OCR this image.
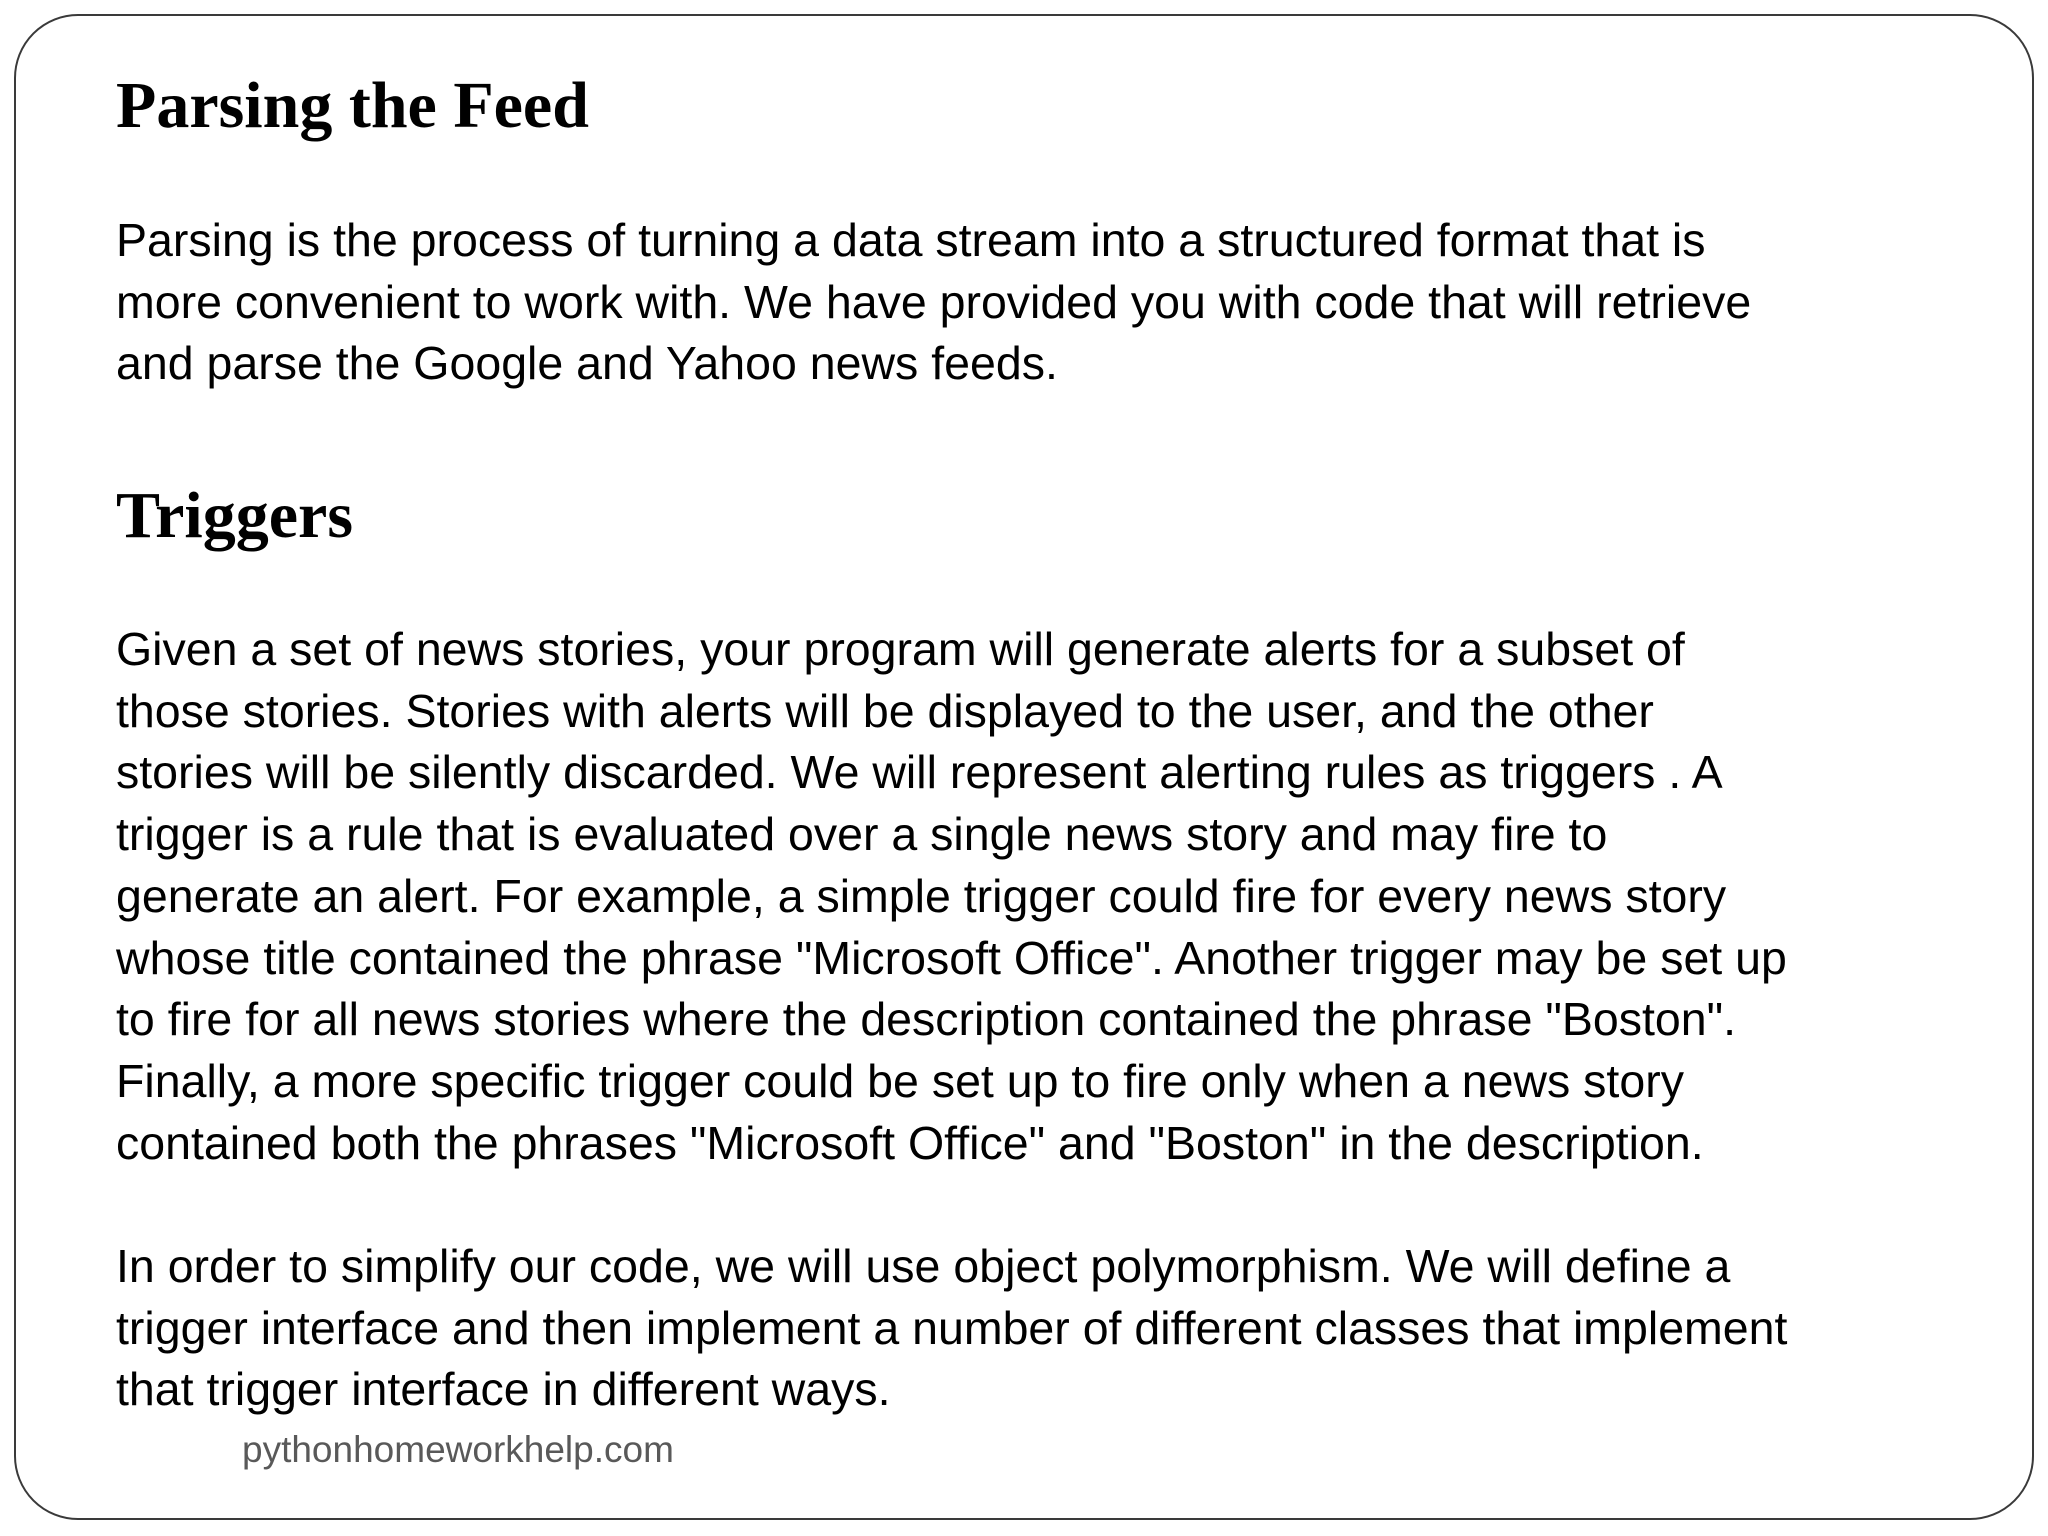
Parsing the Feed
Parsing is the process of turning a data stream into a structured format that is
more convenient to work with. We have provided you with code that will retrieve
and parse the Google and Yahoo news feeds.
Triggers
Given a set of news stories, your program will generate alerts for a subset of
those stories. Stories with alerts will be displayed to the user, and the other
stories will be silently discarded. We will represent alerting rules as triggers . A
trigger is a rule that is evaluated over a single news story and may fire to
generate an alert. For example, a simple trigger could fire for every news story
whose title contained the phrase "Microsoft Office". Another trigger may be set up
to fire for all news stories where the description contained the phrase "Boston".
Finally, a more specific trigger could be set up to fire only when a news story
contained both the phrases "Microsoft Office" and "Boston" in the description.
In order to simplify our code, we will use object polymorphism. We will define a
trigger interface and then implement a number of different classes that implement
that trigger interface in different ways.
pythonhomeworkhelp.com
